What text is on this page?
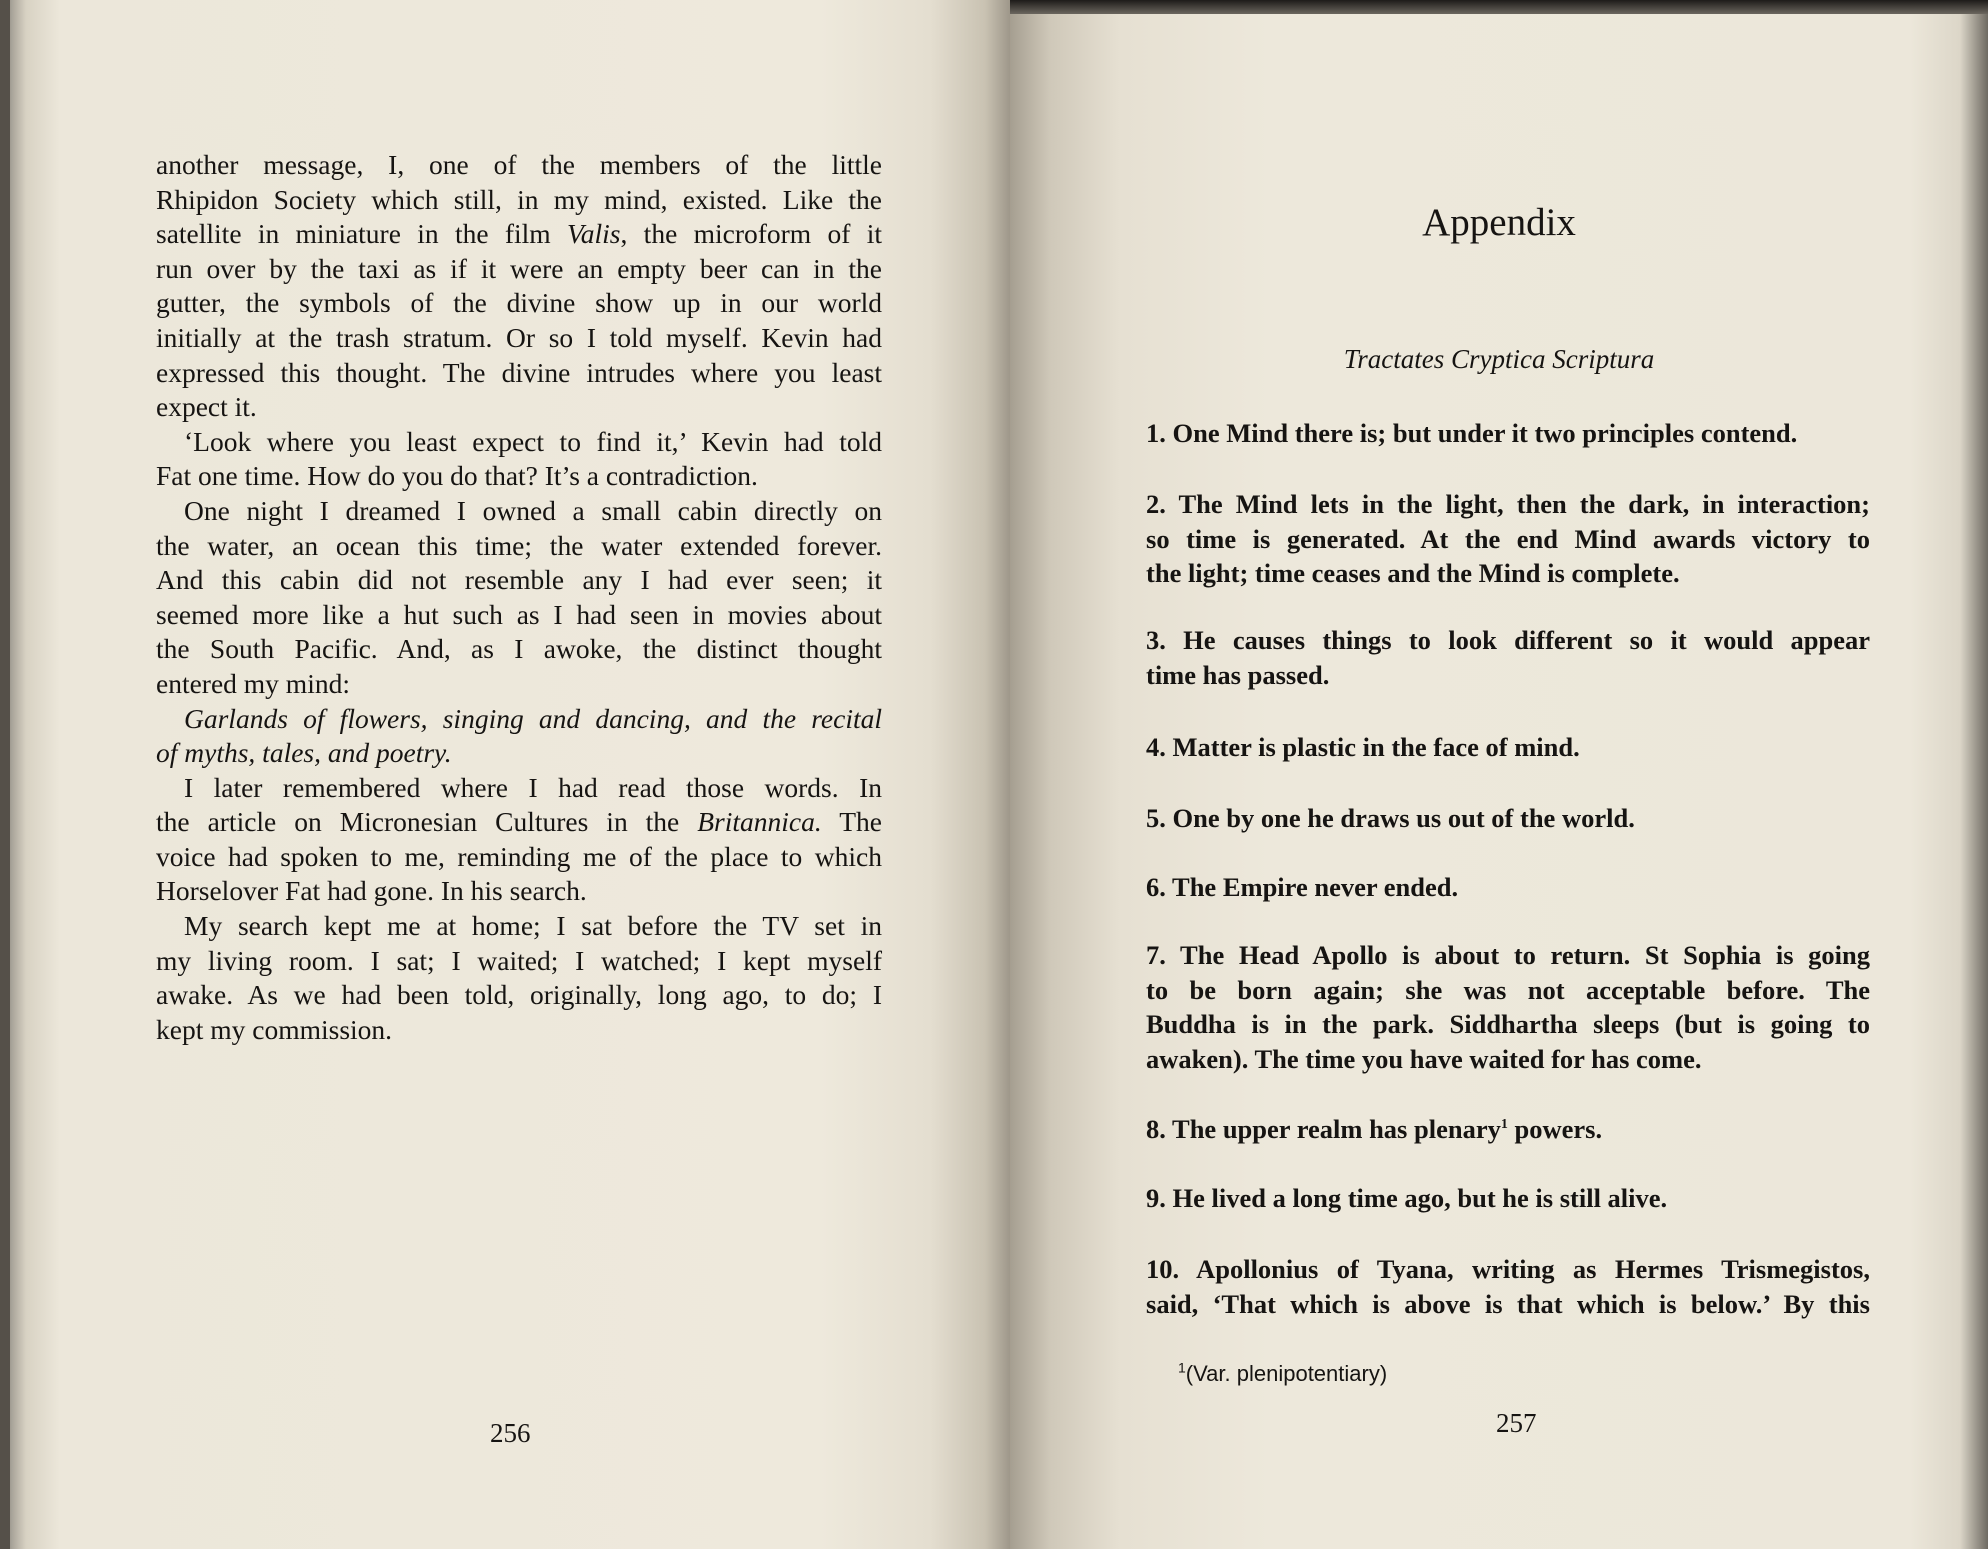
another message, I, one of the members of the little

Rhipidon Society which still, in my mind, existed. Like the

satellite in miniature in the film Valis, the microform of it

run over by the taxi as if it were an empty beer can in the

gutter, the symbols of the divine show up in our world

initially at the trash stratum. Or so I told myself. Kevin had

expressed this thought. The divine intrudes where you least

expect it.

‘Look where you least expect to find it,’ Kevin had told

Fat one time. How do you do that? It’s a contradiction.

One night I dreamed I owned a small cabin directly on

the water, an ocean this time; the water extended forever.

And this cabin did not resemble any I had ever seen; it

seemed more like a hut such as I had seen in movies about

the South Pacific. And, as I awoke, the distinct thought

entered my mind:

Garlands of flowers, singing and dancing, and the recital

of myths, tales, and poetry.

I later remembered where I had read those words. In

the article on Micronesian Cultures in the Britannica. The

voice had spoken to me, reminding me of the place to which

Horselover Fat had gone. In his search.

My search kept me at home; I sat before the TV set in

my living room. I sat; I waited; I watched; I kept myself

awake. As we had been told, originally, long ago, to do; I

kept my commission.

256
Appendix
Tractates Cryptica Scriptura

1. One Mind there is; but under it two principles contend.

2. The Mind lets in the light, then the dark, in interaction;

so time is generated. At the end Mind awards victory to

the light; time ceases and the Mind is complete.

3. He causes things to look different so it would appear

time has passed.

4. Matter is plastic in the face of mind.

5. One by one he draws us out of the world.

6. The Empire never ended.

7. The Head Apollo is about to return. St Sophia is going

to be born again; she was not acceptable before. The

Buddha is in the park. Siddhartha sleeps (but is going to

awaken). The time you have waited for has come.

8. The upper realm has plenary$^1$ powers.

9. He lived a long time ago, but he is still alive.

10. Apollonius of Tyana, writing as Hermes Trismegistos,

said, ‘That which is above is that which is below.’ By this

$^1$(Var. plenipotentiary)
257
